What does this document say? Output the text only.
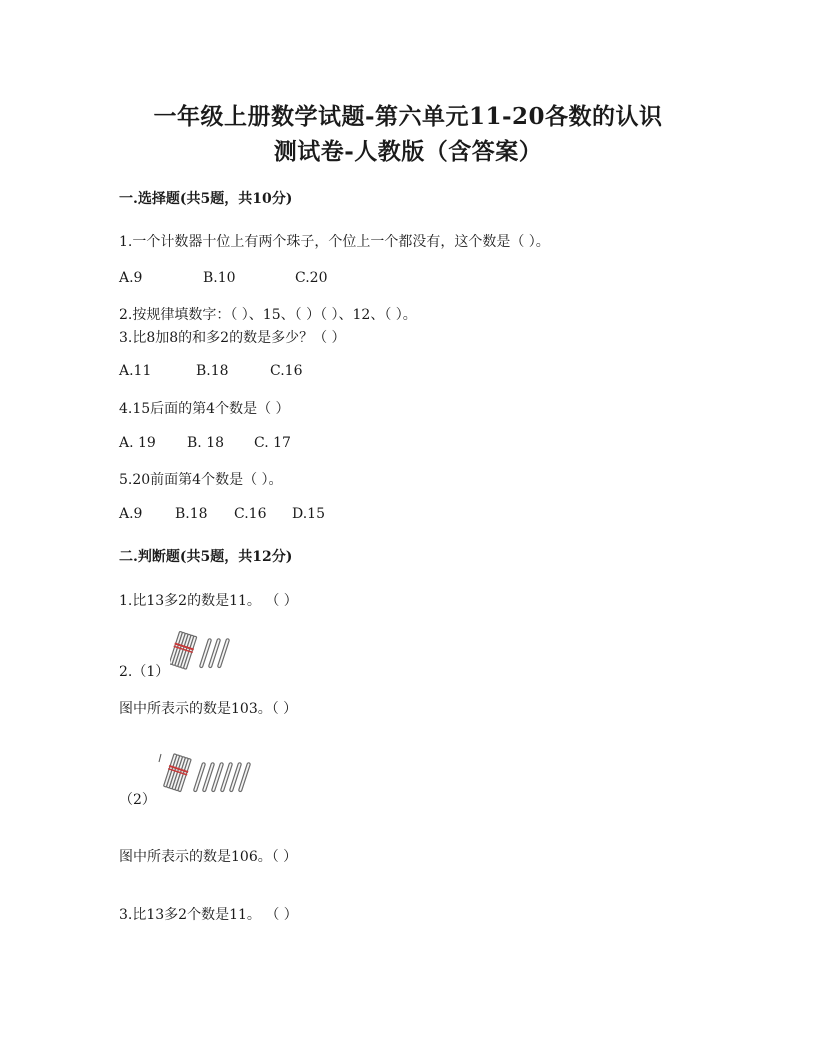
一年级上册数学试题-第六单元11-20各数的认识
测试卷-人教版（含答案）
一.选择题(共5题，共10分)
1.一个计数器十位上有两个珠子，个位上一个都没有，这个数是（ ）。
A.9	B.10	C.20
2.按规律填数字：（ ）、15、（ ）（ ）、12、（ ）。
3.比8加8的和多2的数是多少？（ ）
A.11	B.18	C.16
4.15后面的第4个数是（ ）
A. 19 B. 18 C. 17
5.20前面第4个数是（ ）。
A.9 B.18 C.16 D.15
二.判断题(共5题，共12分)
1.比13多2的数是11。 （ ）
2.（1）
图中所表示的数是103。（ ）
（2）
图中所表示的数是106。（ ）
3.比13多2个数是11。 （ ）
